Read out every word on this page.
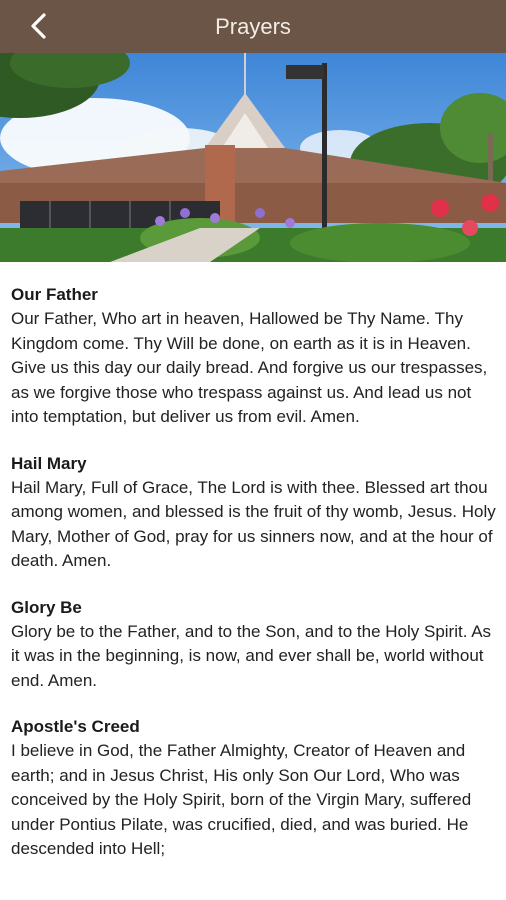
Prayers
Our Father

Our Father, Who art in heaven, Hallowed be Thy Name. Thy Kingdom come. Thy Will be done, on earth as it is in Heaven. Give us this day our daily bread. And forgive us our trespasses, as we forgive those who trespass against us. And lead us not into temptation, but deliver us from evil. Amen.

Hail Mary

Hail Mary, Full of Grace, The Lord is with thee. Blessed art thou among women, and blessed is the fruit of thy womb, Jesus. Holy Mary, Mother of God, pray for us sinners now, and at the hour of death. Amen.

Glory Be

Glory be to the Father, and to the Son, and to the Holy Spirit. As it was in the beginning, is now, and ever shall be, world without end. Amen.

Apostle's Creed

I believe in God, the Father Almighty, Creator of Heaven and earth; and in Jesus Christ, His only Son Our Lord, Who was conceived by the Holy Spirit, born of the Virgin Mary, suffered under Pontius Pilate, was crucified, died, and was buried. He descended into Hell;
